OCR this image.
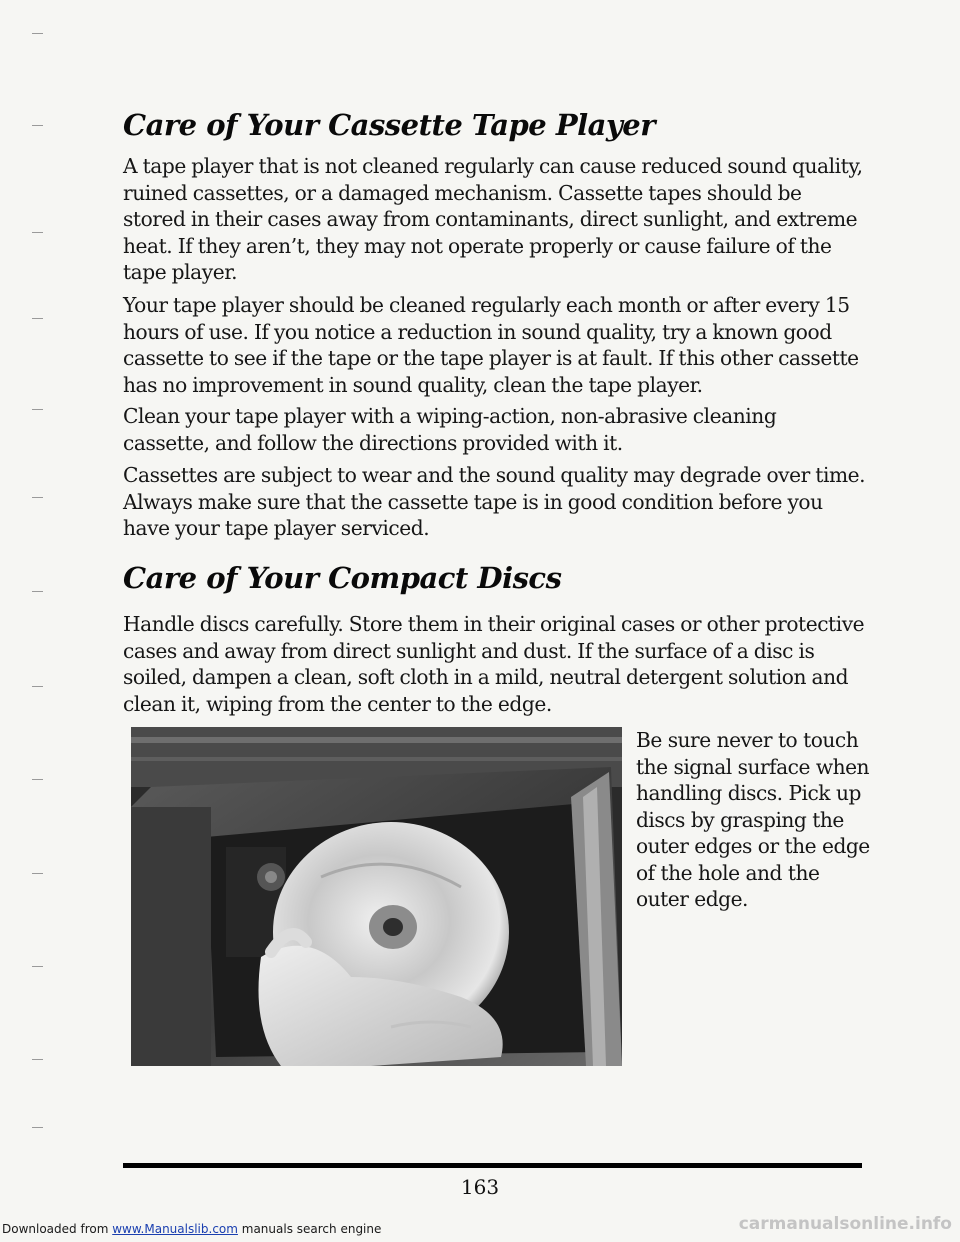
Care of Your Cassette Tape Player

A tape player that is not cleaned regularly can cause reduced sound quality, ruined cassettes, or a damaged mechanism. Cassette tapes should be stored in their cases away from contaminants, direct sunlight, and extreme heat. If they aren’t, they may not operate properly or cause failure of the tape player.

Your tape player should be cleaned regularly each month or after every 15 hours of use. If you notice a reduction in sound quality, try a known good cassette to see if the tape or the tape player is at fault. If this other cassette has no improvement in sound quality, clean the tape player.

Clean your tape player with a wiping-action, non-abrasive cleaning cassette, and follow the directions provided with it.

Cassettes are subject to wear and the sound quality may degrade over time. Always make sure that the cassette tape is in good condition before you have your tape player serviced.

Care of Your Compact Discs

Handle discs carefully. Store them in their original cases or other protective cases and away from direct sunlight and dust. If the surface of a disc is soiled, dampen a clean, soft cloth in a mild, neutral detergent solution and clean it, wiping from the center to the edge.

Be sure never to touch the signal surface when handling discs. Pick up discs by grasping the outer edges or the edge of the hole and the outer edge.

163
Downloaded from www.Manualslib.com manuals search engine	carmanualsonline.info
